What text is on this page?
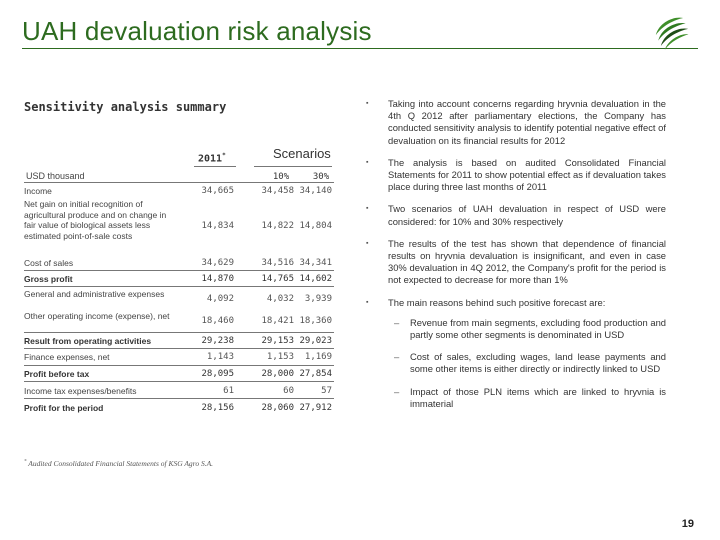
UAH devaluation risk analysis
Sensitivity analysis summary
2011*	Scenarios
10%	30%
USD thousand
Income	34,665	34,458 34,140
Net gain on initial recognition of agricultural produce and on change in fair value of biological assets less estimated point-of-sale costs
14,834	14,822 14,804
Cost of sales	34,629	34,516 34,341
Gross profit	14,870	14,765 14,602
General and administrative expenses	4,092	4,032	3,939
Other operating income (expense), net	18,460	18,421 18,360
Result from operating activities	29,238	29,153 29,023
Finance expenses, net	1,143	1,153	1,169
Profit before tax	28,095	28,000 27,854
Income tax expenses/benefits	61	60	57
Profit for the period	28,156	28,060 27,912
* Audited Consolidated Financial Statements of KSG Agro S.A.
▪ Taking into account concerns regarding hryvnia devaluation in the 4th Q 2012 after parliamentary elections, the Company has conducted sensitivity analysis to identify potential negative effect of devaluation on its financial results for 2012
▪ The analysis is based on audited Consolidated Financial Statements for 2011 to show potential effect as if devaluation takes place during three last months of 2011
▪ Two scenarios of UAH devaluation in respect of USD were considered: for 10% and 30% respectively
▪ The results of the test has shown that dependence of financial results on hryvnia devaluation is insignificant, and even in case 30% devaluation in 4Q 2012, the Company's profit for the period is not expected to decrease for more than 1%
▪ The main reasons behind such positive forecast are:
– Revenue from main segments, excluding food production and partly some other segments is denominated in USD
– Cost of sales, excluding wages, land lease payments and some other items is either directly or indirectly linked to USD
– Impact of those PLN items which are linked to hryvnia is immaterial
19
